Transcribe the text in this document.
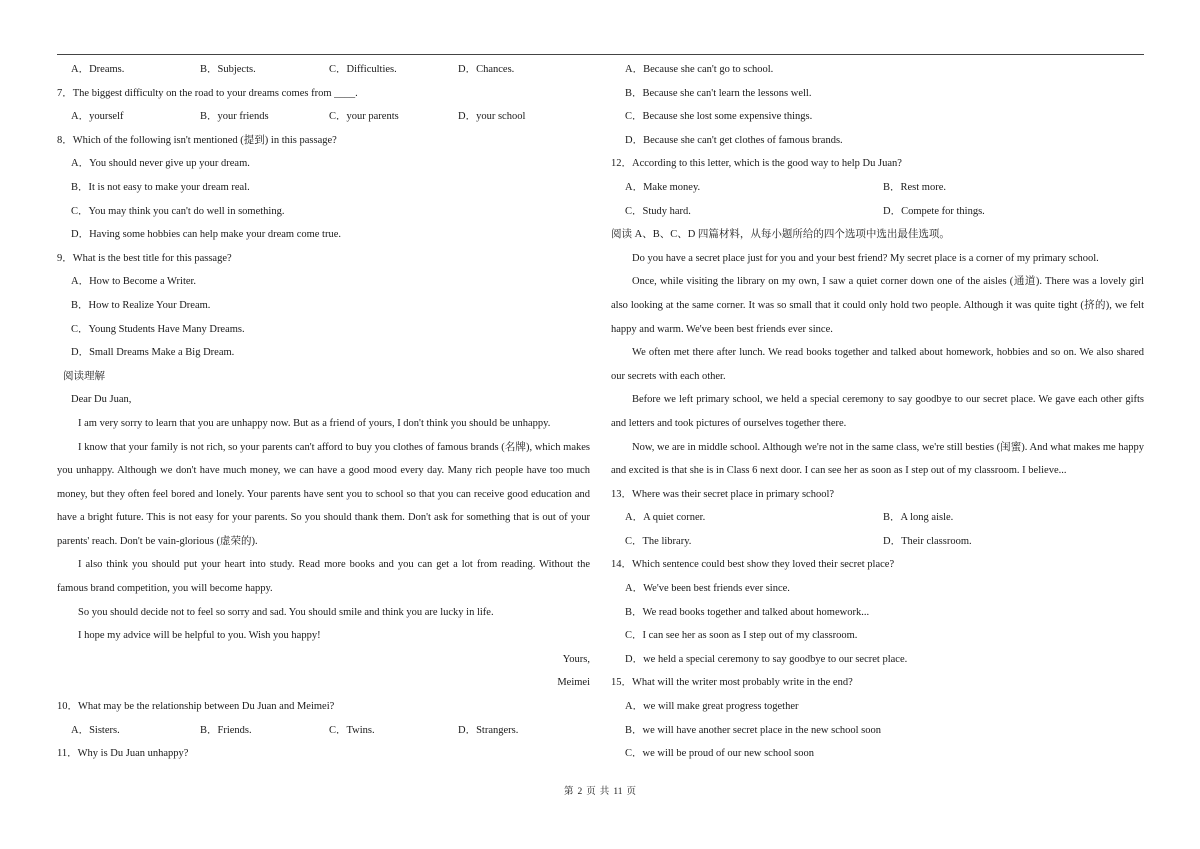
A．Dreams.	B．Subjects.	C．Difficulties.	D．Chances.
7．The biggest difficulty on the road to your dreams comes from ____.
A．yourself	B．your friends	C．your parents	D．your school
8．Which of the following isn't mentioned (提到) in this passage?
A．You should never give up your dream.
B．It is not easy to make your dream real.
C．You may think you can't do well in something.
D．Having some hobbies can help make your dream come true.
9．What is the best title for this passage?
A．How to Become a Writer.
B．How to Realize Your Dream.
C．Young Students Have Many Dreams.
D．Small Dreams Make a Big Dream.
阅读理解
Dear Du Juan,
I am very sorry to learn that you are unhappy now. But as a friend of yours, I don't think you should be unhappy.
I know that your family is not rich, so your parents can't afford to buy you clothes of famous brands (名牌), which makes you unhappy. Although we don't have much money, we can have a good mood every day. Many rich people have too much money, but they often feel bored and lonely. Your parents have sent you to school so that you can receive good education and have a bright future. This is not easy for your parents. So you should thank them. Don't ask for something that is out of your parents' reach. Don't be vain-glorious (虚荣的).
I also think you should put your heart into study. Read more books and you can get a lot from reading. Without the famous brand competition, you will become happy.
So you should decide not to feel so sorry and sad. You should smile and think you are lucky in life.
I hope my advice will be helpful to you. Wish you happy!
Yours,
Meimei
10．What may be the relationship between Du Juan and Meimei?
A．Sisters.	B．Friends.	C．Twins.	D．Strangers.
11．Why is Du Juan unhappy?
A．Because she can't go to school.
B．Because she can't learn the lessons well.
C．Because she lost some expensive things.
D．Because she can't get clothes of famous brands.
12．According to this letter, which is the good way to help Du Juan?
A．Make money.	B．Rest more.
C．Study hard.	D．Compete for things.
阅读 A、B、C、D 四篇材料，从每小题所给的四个选项中选出最佳选项。
Do you have a secret place just for you and your best friend? My secret place is a corner of my primary school.
Once, while visiting the library on my own, I saw a quiet corner down one of the aisles (通道). There was a lovely girl also looking at the same corner. It was so small that it could only hold two people. Although it was quite tight (挤的), we felt happy and warm. We've been best friends ever since.
We often met there after lunch. We read books together and talked about homework, hobbies and so on. We also shared our secrets with each other.
Before we left primary school, we held a special ceremony to say goodbye to our secret place. We gave each other gifts and letters and took pictures of ourselves together there.
Now, we are in middle school. Although we're not in the same class, we're still besties (闺蜜). And what makes me happy and excited is that she is in Class 6 next door. I can see her as soon as I step out of my classroom. I believe...
13．Where was their secret place in primary school?
A．A quiet corner.	B．A long aisle.
C．The library.	D．Their classroom.
14．Which sentence could best show they loved their secret place?
A．We've been best friends ever since.
B．We read books together and talked about homework...
C．I can see her as soon as I step out of my classroom.
D．we held a special ceremony to say goodbye to our secret place.
15．What will the writer most probably write in the end?
A．we will make great progress together
B．we will have another secret place in the new school soon
C．we will be proud of our new school soon
第 2 页 共 11 页
